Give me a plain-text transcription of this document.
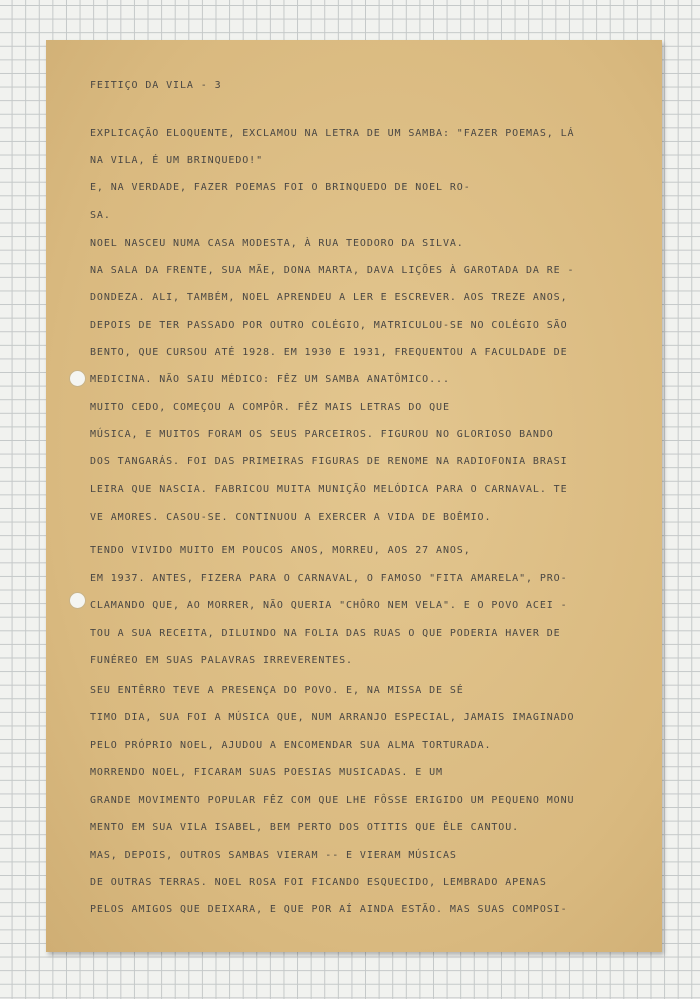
FEITIÇO DA VILA - 3
EXPLICAÇÃO ELOQUENTE, EXCLAMOU NA LETRA DE UM SAMBA: "FAZER POEMAS, LÁ
NA VILA, É UM BRINQUEDO!"
E, NA VERDADE, FAZER POEMAS FOI O BRINQUEDO DE NOEL RO-
SA.
NOEL NASCEU NUMA CASA MODESTA, À RUA TEODORO DA SILVA.
NA SALA DA FRENTE, SUA MÃE, DONA MARTA, DAVA LIÇÕES À GAROTADA DA RE -
DONDEZA. ALI, TAMBÉM, NOEL APRENDEU A LER E ESCREVER. AOS TREZE ANOS,
DEPOIS DE TER PASSADO POR OUTRO COLÉGIO, MATRICULOU-SE NO COLÉGIO SÃO
BENTO, QUE CURSOU ATÉ 1928. EM 1930 E 1931, FREQUENTOU A FACULDADE DE
MEDICINA. NÃO SAIU MÉDICO: FÊZ UM SAMBA ANATÔMICO...
MUITO CEDO, COMEÇOU A COMPÔR. FÊZ MAIS LETRAS DO QUE
MÚSICA, E MUITOS FORAM OS SEUS PARCEIROS. FIGUROU NO GLORIOSO BANDO
DOS TANGARÁS. FOI DAS PRIMEIRAS FIGURAS DE RENOME NA RADIOFONIA BRASI
LEIRA QUE NASCIA. FABRICOU MUITA MUNIÇÃO MELÓDICA PARA O CARNAVAL. TE
VE AMORES. CASOU-SE. CONTINUOU A EXERCER A VIDA DE BOÊMIO.
TENDO VIVIDO MUITO EM POUCOS ANOS, MORREU, AOS 27 ANOS,
EM 1937. ANTES, FIZERA PARA O CARNAVAL, O FAMOSO "FITA AMARELA", PRO-
CLAMANDO QUE, AO MORRER, NÃO QUERIA "CHÔRO NEM VELA". E O POVO ACEI -
TOU A SUA RECEITA, DILUINDO NA FOLIA DAS RUAS O QUE PODERIA HAVER DE
FUNÉREO EM SUAS PALAVRAS IRREVERENTES.
SEU ENTÊRRO TEVE A PRESENÇA DO POVO. E, NA MISSA DE SÉ
TIMO DIA, SUA FOI A MÚSICA QUE, NUM ARRANJO ESPECIAL, JAMAIS IMAGINADO
PELO PRÓPRIO NOEL, AJUDOU A ENCOMENDAR SUA ALMA TORTURADA.
MORRENDO NOEL, FICARAM SUAS POESIAS MUSICADAS. E UM
GRANDE MOVIMENTO POPULAR FÊZ COM QUE LHE FÔSSE ERIGIDO UM PEQUENO MONU
MENTO EM SUA VILA ISABEL, BEM PERTO DOS OTITIS QUE ÊLE CANTOU.
MAS, DEPOIS, OUTROS SAMBAS VIERAM -- E VIERAM MÚSICAS
DE OUTRAS TERRAS. NOEL ROSA FOI FICANDO ESQUECIDO, LEMBRADO APENAS
PELOS AMIGOS QUE DEIXARA, E QUE POR AÍ AINDA ESTÃO. MAS SUAS COMPOSI-
